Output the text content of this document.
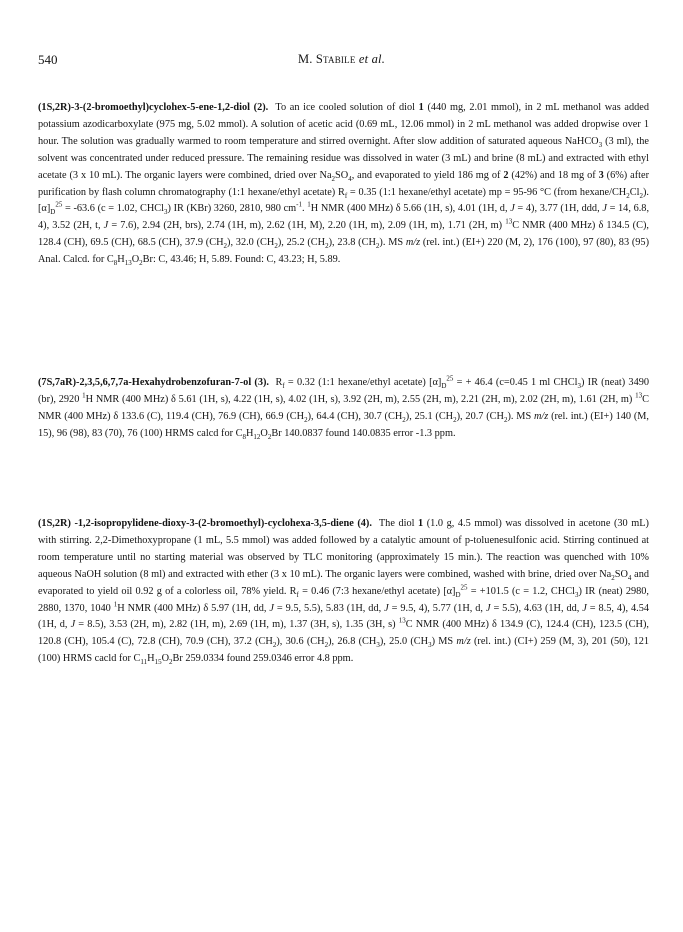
540	M. Stabile et al.
(1S,2R)-3-(2-bromoethyl)cyclohex-5-ene-1,2-diol (2). To an ice cooled solution of diol 1 (440 mg, 2.01 mmol), in 2 mL methanol was added potassium azodicarboxylate (975 mg, 5.02 mmol). A solution of acetic acid (0.69 mL, 12.06 mmol) in 2 mL methanol was added dropwise over 1 hour. The solution was gradually warmed to room temperature and stirred overnight. After slow addition of saturated aqueous NaHCO$_3$ (3 ml), the solvent was concentrated under reduced pressure. The remaining residue was dissolved in water (3 mL) and brine (8 mL) and extracted with ethyl acetate (3 x 10 mL). The organic layers were combined, dried over $Na_2SO_4$, and evaporated to yield 186 mg of 2 (42%) and 18 mg of 3 (6%) after purification by flash column chromatography (1:1 hexane/ethyl acetate) $R_f = 0.35$ (1:1 hexane/ethyl acetate) mp = 95-96 °C (from hexane/$CH_2Cl_2$). $[\alpha]_D^{25} = -63.6$ (c = 1.02, CHCl$_3$) IR (KBr) 3260, 2810, 980 $cm^{-1}$. $^1$H NMR (400 MHz) δ 5.66 (1H, s), 4.01 (1H, d, J = 4), 3.77 (1H, ddd, J = 14, 6.8, 4), 3.52 (2H, t, J = 7.6), 2.94 (2H, brs), 2.74 (1H, m), 2.62 (1H, M), 2.20 (1H, m), 2.09 (1H, m), 1.71 (2H, m) $^{13}$C NMR (400 MHz) δ 134.5 (C), 128.4 (CH), 69.5 (CH), 68.5 (CH), 37.9 $(CH_2)$, 32.0 $(CH_2)$, 25.2 $(CH_2)$, 23.8 $(CH_2)$. MS m/z (rel. int.) (EI+) 220 (M, 2), 176 (100), 97 (80), 83 (95) Anal. Calcd. for $C_8H_{13}O_2Br$: C, 43.46; H, 5.89. Found: C, 43.23; H, 5.89.
(7S,7aR)-2,3,5,6,7,7a-Hexahydrobenzofuran-7-ol (3). $R_f = 0.32$ (1:1 hexane/ethyl acetate) $[\alpha]_D^{25}$ = + 46.4 (c=0.45 1 ml CHCl$_3$) IR (neat) 3490 (br), 2920 $^1$H NMR (400 MHz) δ 5.61 (1H, s), 4.22 (1H, s), 4.02 (1H, s), 3.92 (2H, m), 2.55 (2H, m), 2.21 (2H, m), 2.02 (2H, m), 1.61 (2H, m) $^{13}$C NMR (400 MHz) δ 133.6 (C), 119.4 (CH), 76.9 (CH), 66.9 $(CH_2)$, 64.4 (CH), 30.7 $(CH_2)$, 25.1 $(CH_2)$, 20.7 $(CH_2)$. MS m/z (rel. int.) (EI+) 140 (M, 15), 96 (98), 83 (70), 76 (100) HRMS calcd for $C_8H_{12}O_2Br$ 140.0837 found 140.0835 error -1.3 ppm.
(1S,2R) -1,2-isopropylidene-dioxy-3-(2-bromoethyl)-cyclohexa-3,5-diene (4). The diol 1 (1.0 g, 4.5 mmol) was dissolved in acetone (30 mL) with stirring. 2,2-Dimethoxypropane (1 mL, 5.5 mmol) was added followed by a catalytic amount of p-toluenesulfonic acid. Stirring continued at room temperature until no starting material was observed by TLC monitoring (approximately 15 min.). The reaction was quenched with 10% aqueous NaOH solution (8 ml) and extracted with ether (3 x 10 mL). The organic layers were combined, washed with brine, dried over $Na_2SO_4$ and evaporated to yield oil 0.92 g of a colorless oil, 78% yield. $R_f = 0.46$ (7:3 hexane/ethyl acetate) $[\alpha]_D^{25} = +101.5$ (c = 1.2, CHCl$_3$) IR (neat) 2980, 2880, 1370, 1040 $^1$H NMR (400 MHz) δ 5.97 (1H, dd, J = 9.5, 5.5), 5.83 (1H, dd, J = 9.5, 4), 5.77 (1H, d, J = 5.5), 4.63 (1H, dd, J = 8.5, 4), 4.54 (1H, d, J = 8.5), 3.53 (2H, m), 2.82 (1H, m), 2.69 (1H, m), 1.37 (3H, s), 1.35 (3H, s) $^{13}$C NMR (400 MHz) δ 134.9 (C), 124.4 (CH), 123.5 (CH), 120.8 (CH), 105.4 (C), 72.8 (CH), 70.9 (CH), 37.2 $(CH_2)$, 30.6 $(CH_2)$, 26.8 $(CH_3)$, 25.0 $(CH_3)$ MS m/z (rel. int.) (CI+) 259 (M, 3), 201 (50), 121 (100) HRMS cacld for $C_{11}H_{15}O_2Br$ 259.0334 found 259.0346 error 4.8 ppm.
